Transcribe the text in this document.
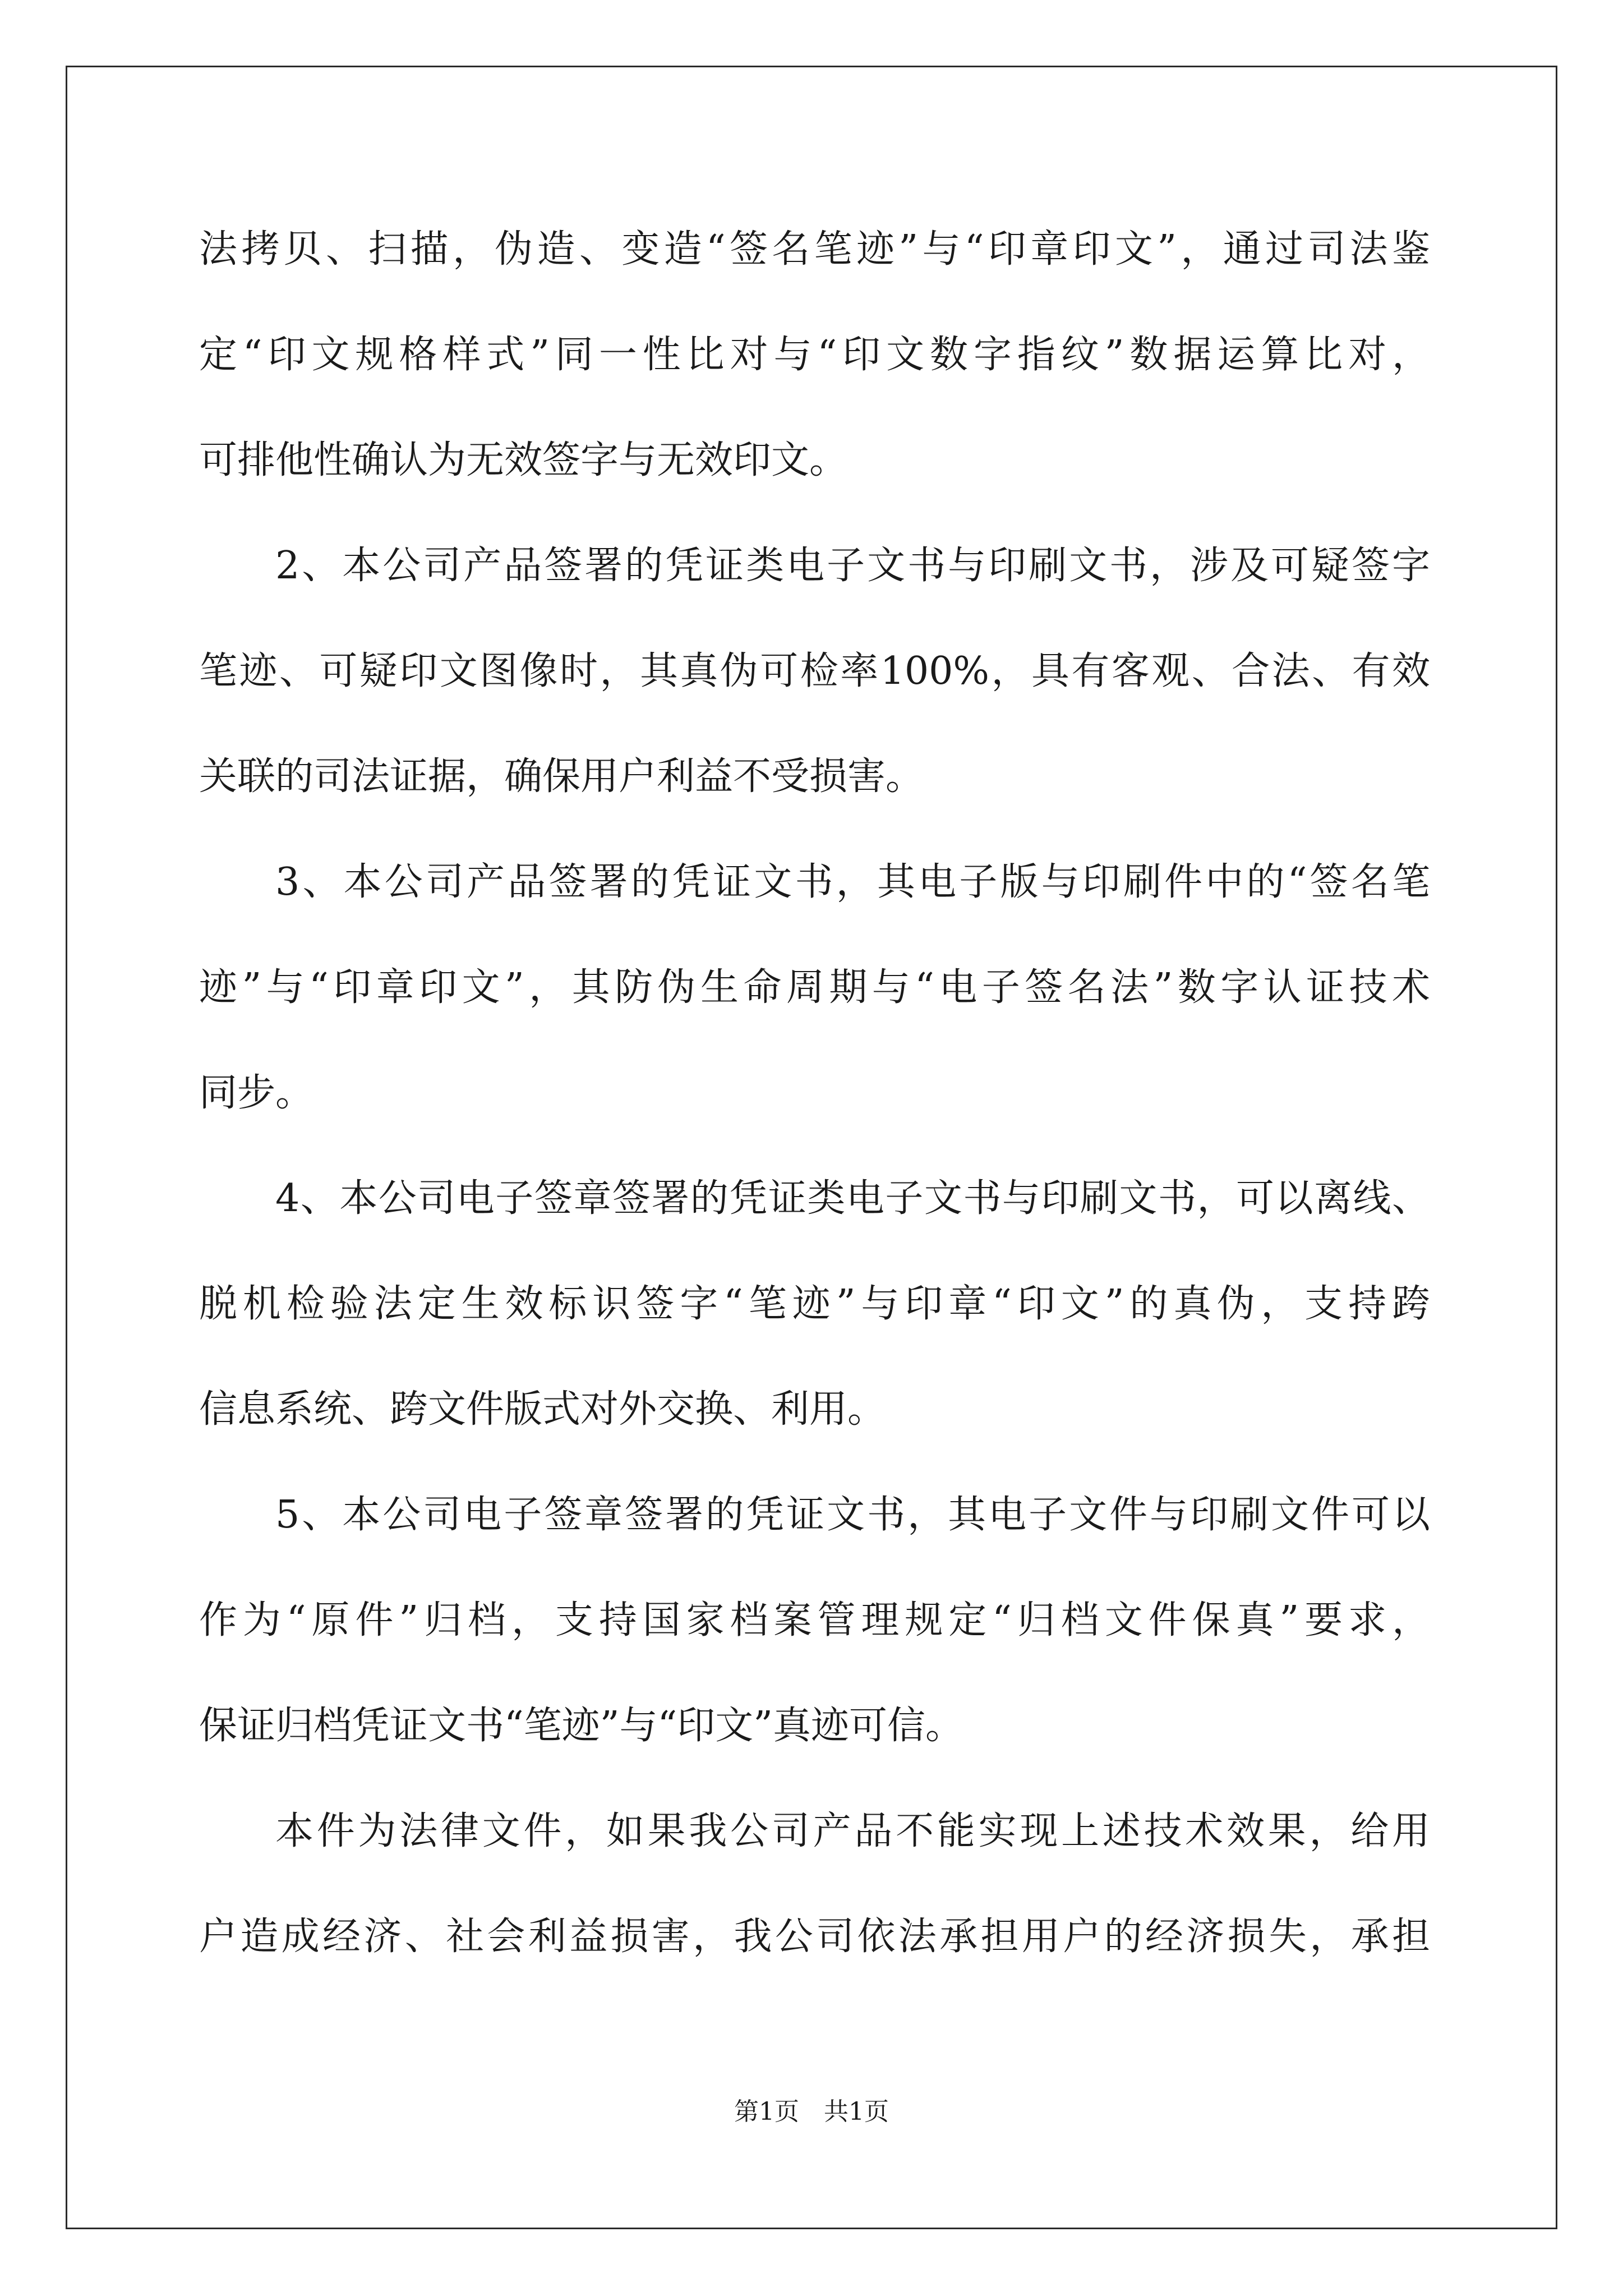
法拷贝、扫描，伪造、变造“签名笔迹”与“印章印文”，通过司法鉴
定“印文规格样式”同一性比对与“印文数字指纹”数据运算比对，
可排他性确认为无效签字与无效印文。
2、本公司产品签署的凭证类电子文书与印刷文书，涉及可疑签字
笔迹、可疑印文图像时，其真伪可检率100%，具有客观、合法、有效
关联的司法证据，确保用户利益不受损害。
3、本公司产品签署的凭证文书，其电子版与印刷件中的“签名笔
迹”与“印章印文”，其防伪生命周期与“电子签名法”数字认证技术
同步。
4、本公司电子签章签署的凭证类电子文书与印刷文书，可以离线、
脱机检验法定生效标识签字“笔迹”与印章“印文”的真伪，支持跨
信息系统、跨文件版式对外交换、利用。
5、本公司电子签章签署的凭证文书，其电子文件与印刷文件可以
作为“原件”归档，支持国家档案管理规定“归档文件保真”要求，
保证归档凭证文书“笔迹”与“印文”真迹可信。
本件为法律文件，如果我公司产品不能实现上述技术效果，给用
户造成经济、社会利益损害，我公司依法承担用户的经济损失，承担
第1页　共1页
